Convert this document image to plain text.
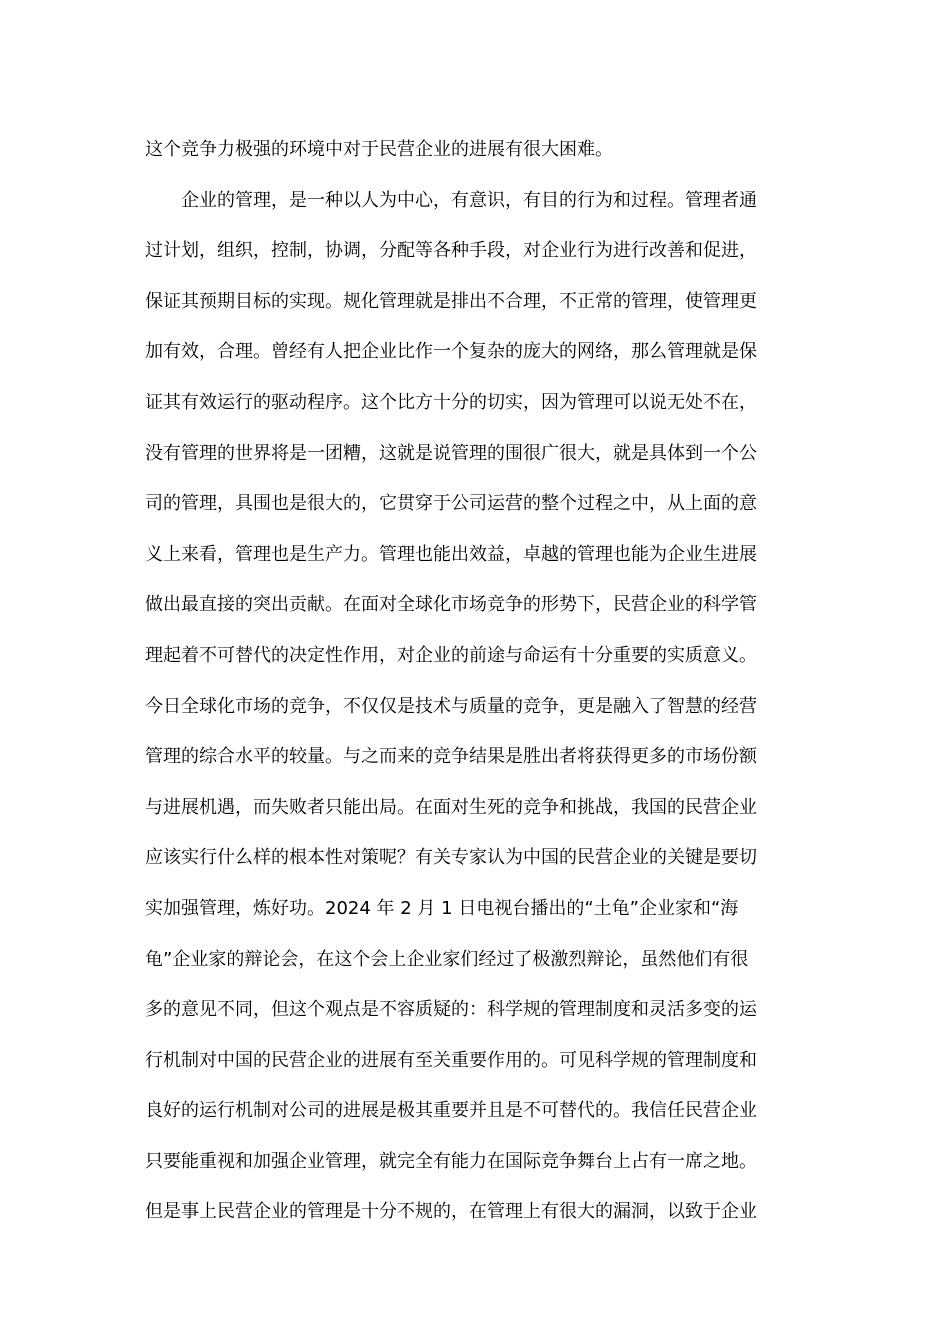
这个竞争力极强的环境中对于民营企业的进展有很大困难。
企业的管理，是一种以人为中心，有意识，有目的行为和过程。管理者通
过计划，组织，控制，协调，分配等各种手段，对企业行为进行改善和促进，
保证其预期目标的实现。规化管理就是排出不合理，不正常的管理，使管理更
加有效，合理。曾经有人把企业比作一个复杂的庞大的网络，那么管理就是保
证其有效运行的驱动程序。这个比方十分的切实，因为管理可以说无处不在，
没有管理的世界将是一团糟，这就是说管理的围很广很大，就是具体到一个公
司的管理，具围也是很大的，它贯穿于公司运营的整个过程之中，从上面的意
义上来看，管理也是生产力。管理也能出效益，卓越的管理也能为企业生进展
做出最直接的突出贡献。在面对全球化市场竞争的形势下，民营企业的科学管
理起着不可替代的决定性作用，对企业的前途与命运有十分重要的实质意义。
今日全球化市场的竞争，不仅仅是技术与质量的竞争，更是融入了智慧的经营
管理的综合水平的较量。与之而来的竞争结果是胜出者将获得更多的市场份额
与进展机遇，而失败者只能出局。在面对生死的竞争和挑战，我国的民营企业
应该实行什么样的根本性对策呢？有关专家认为中国的民营企业的关键是要切
实加强管理，炼好功。2024 年 2 月 1 日电视台播出的“土龟”企业家和“海
龟”企业家的辩论会，在这个会上企业家们经过了极激烈辩论，虽然他们有很
多的意见不同，但这个观点是不容质疑的：科学规的管理制度和灵活多变的运
行机制对中国的民营企业的进展有至关重要作用的。可见科学规的管理制度和
良好的运行机制对公司的进展是极其重要并且是不可替代的。我信任民营企业
只要能重视和加强企业管理，就完全有能力在国际竞争舞台上占有一席之地。
但是事上民营企业的管理是十分不规的，在管理上有很大的漏洞，以致于企业
